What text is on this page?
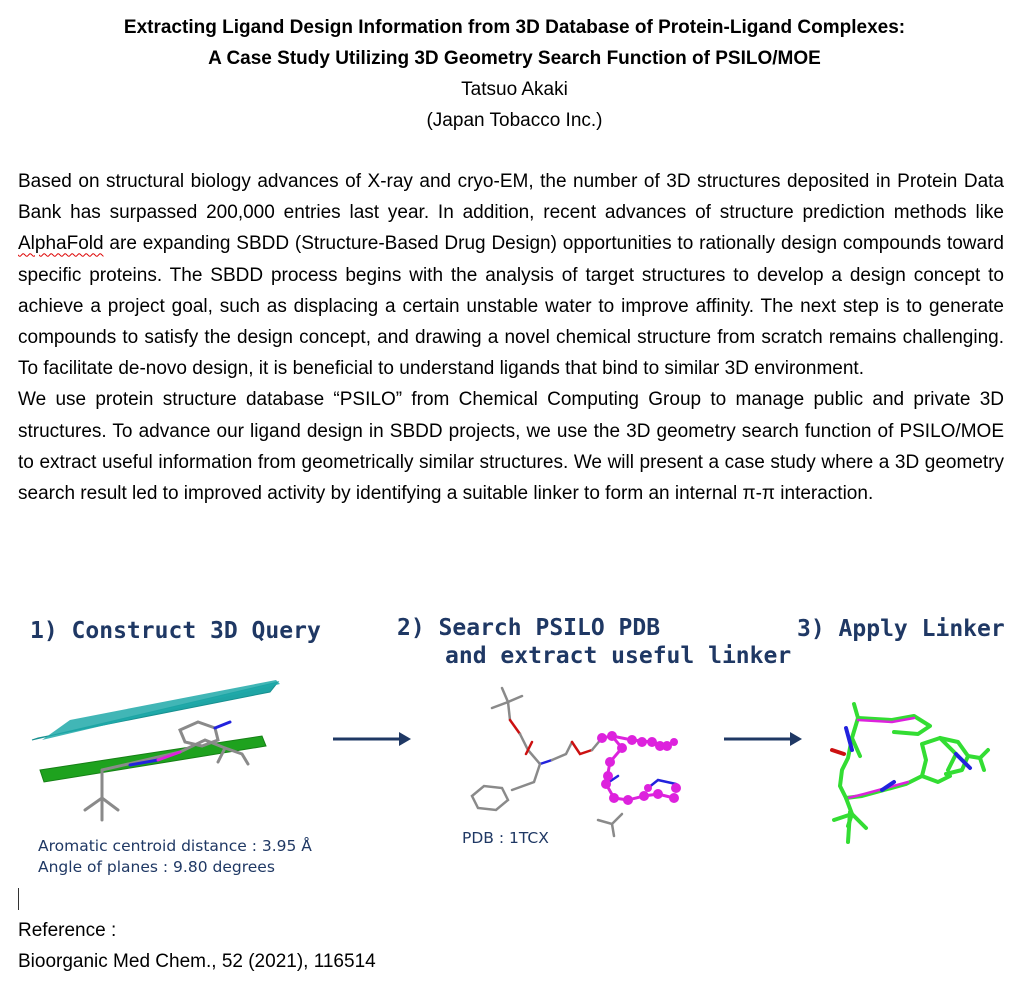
Extracting Ligand Design Information from 3D Database of Protein-Ligand Complexes:
A Case Study Utilizing 3D Geometry Search Function of PSILO/MOE
Tatsuo Akaki
(Japan Tobacco Inc.)

Based on structural biology advances of X-ray and cryo-EM, the number of 3D structures deposited in Protein Data Bank has surpassed 200,000 entries last year. In addition, recent advances of structure prediction methods like AlphaFold are expanding SBDD (Structure-Based Drug Design) opportunities to rationally design compounds toward specific proteins. The SBDD process begins with the analysis of target structures to develop a design concept to achieve a project goal, such as displacing a certain unstable water to improve affinity. The next step is to generate compounds to satisfy the design concept, and drawing a novel chemical structure from scratch remains challenging. To facilitate de-novo design, it is beneficial to understand ligands that bind to similar 3D environment.

We use protein structure database “PSILO” from Chemical Computing Group to manage public and private 3D structures. To advance our ligand design in SBDD projects, we use the 3D geometry search function of PSILO/MOE to extract useful information from geometrically similar structures. We will present a case study where a 3D geometry search result led to improved activity by identifying a suitable linker to form an internal π-π interaction.

1) Construct 3D Query	2) Search PSILO PDB
and extract useful linker
3) Apply Linker
Aromatic centroid distance : 3.95 Å
Angle of planes : 9.80 degrees
PDB : 1TCX
Reference :
Bioorganic Med Chem., 52 (2021), 116514
